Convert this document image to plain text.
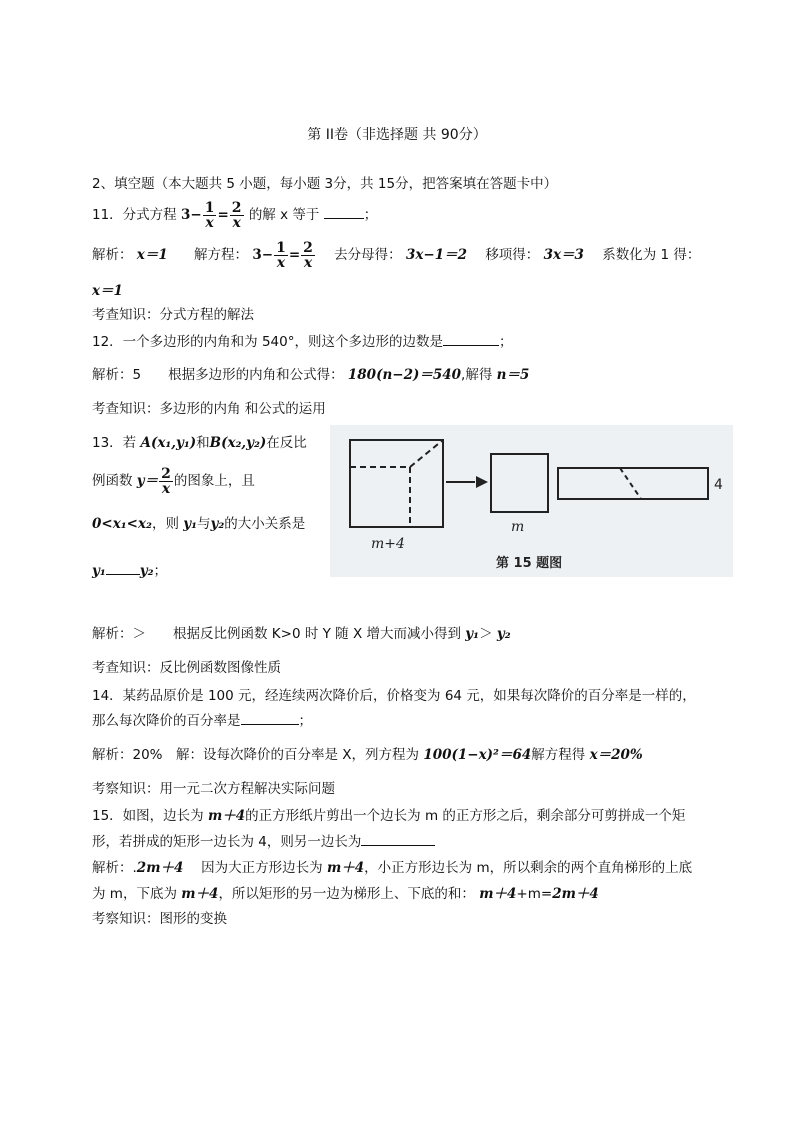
第 II卷（非选择题 共 90分）
2、填空题（本大题共 5 小题，每小题 3分，共 15分，把答案填在答题卡中）
11．分式方程 $3- \frac{1}{x} = \frac{2}{x}$ 的解 x 等于	；
解析： x＝1 解方程： $3- \frac{1}{x} = \frac{2}{x}$ 去分母得： 3x−1＝2 移项得： 3x＝3 系数化为 1 得：
x＝1
考查知识：分式方程的解法
12．一个多边形的内角和为 540°，则这个多边形的边数是	；
解析：5　　根据多边形的内角和公式得： 180(n−2)＝540,解得 n＝5
考查知识：多边形的内角 和公式的运用
13．若 A(x₁,y₁)和B(x₂,y₂)在反比
例函数 $y= \frac{2}{x}$ 的图象上，且
0<x₁<x₂，则 y₁与y₂的大小关系是
y₁	y₂；
m+4
m
4
第 15 题图
解析：＞　　根据反比例函数 K>0 时 Y 随 X 增大而减小得到 y₁＞ y₂
考查知识：反比例函数图像性质
14．某药品原价是 100 元，经连续两次降价后，价格变为 64 元，如果每次降价的百分率是一样的，
那么每次降价的百分率是	；
解析：20%　解：设每次降价的百分率是 X，列方程为 100(1−x)²＝64解方程得 x＝20%
考察知识：用一元二次方程解决实际问题
15．如图，边长为 m＋4的正方形纸片剪出一个边长为 m 的正方形之后，剩余部分可剪拼成一个矩
形，若拼成的矩形一边长为 4，则另一边长为
解析：.2m＋4 　因为大正方形边长为 m＋4，小正方形边长为 m，所以剩余的两个直角梯形的上底
为 m，下底为 m＋4，所以矩形的另一边为梯形上、下底的和： m＋4+m=2m＋4
考察知识：图形的变换
